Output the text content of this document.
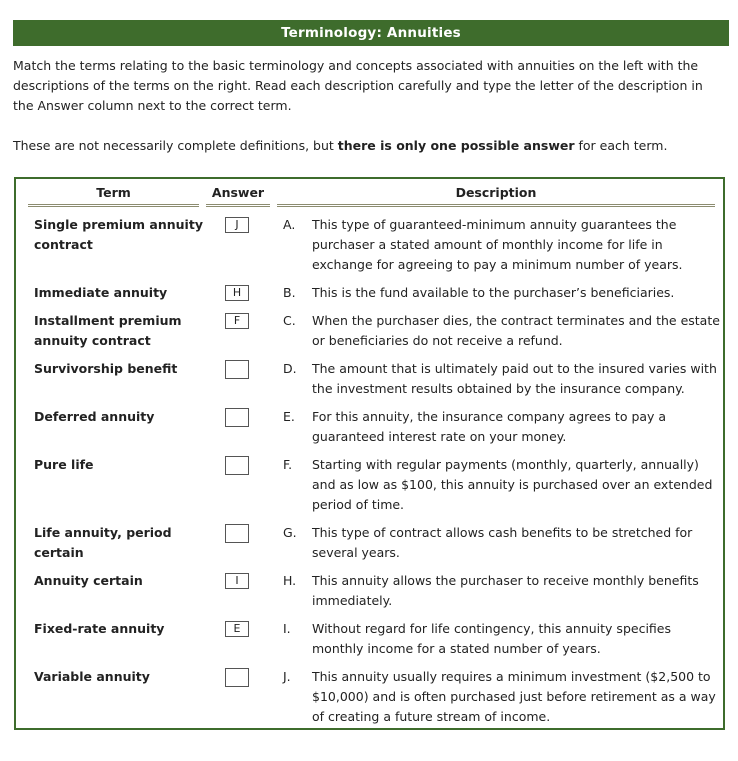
Terminology: Annuities

Match the terms relating to the basic terminology and concepts associated with annuities on the left with the descriptions of the terms on the right. Read each description carefully and type the letter of the description in the Answer column next to the correct term.

These are not necessarily complete definitions, but there is only one possible answer for each term.

Term	Answer	Description
Single premium annuity contract
Immediate annuity
Installment premium annuity contract
Survivorship benefit
Deferred annuity
Pure life
Life annuity, period certain
Annuity certain
Fixed-rate annuity
Variable annuity
J
H
F
I
E
A.
B.
C.
D.
E.
F.
G.
H.
I.
J.
This type of guaranteed-minimum annuity guarantees the purchaser a stated amount of monthly income for life in exchange for agreeing to pay a minimum number of years.
This is the fund available to the purchaser’s beneficiaries.
When the purchaser dies, the contract terminates and the estate or beneficiaries do not receive a refund.
The amount that is ultimately paid out to the insured varies with the investment results obtained by the insurance company.
For this annuity, the insurance company agrees to pay a guaranteed interest rate on your money.
Starting with regular payments (monthly, quarterly, annually) and as low as $100, this annuity is purchased over an extended period of time.
This type of contract allows cash benefits to be stretched for several years.
This annuity allows the purchaser to receive monthly benefits immediately.
Without regard for life contingency, this annuity specifies monthly income for a stated number of years.
This annuity usually requires a minimum investment ($2,500 to $10,000) and is often purchased just before retirement as a way of creating a future stream of income.
